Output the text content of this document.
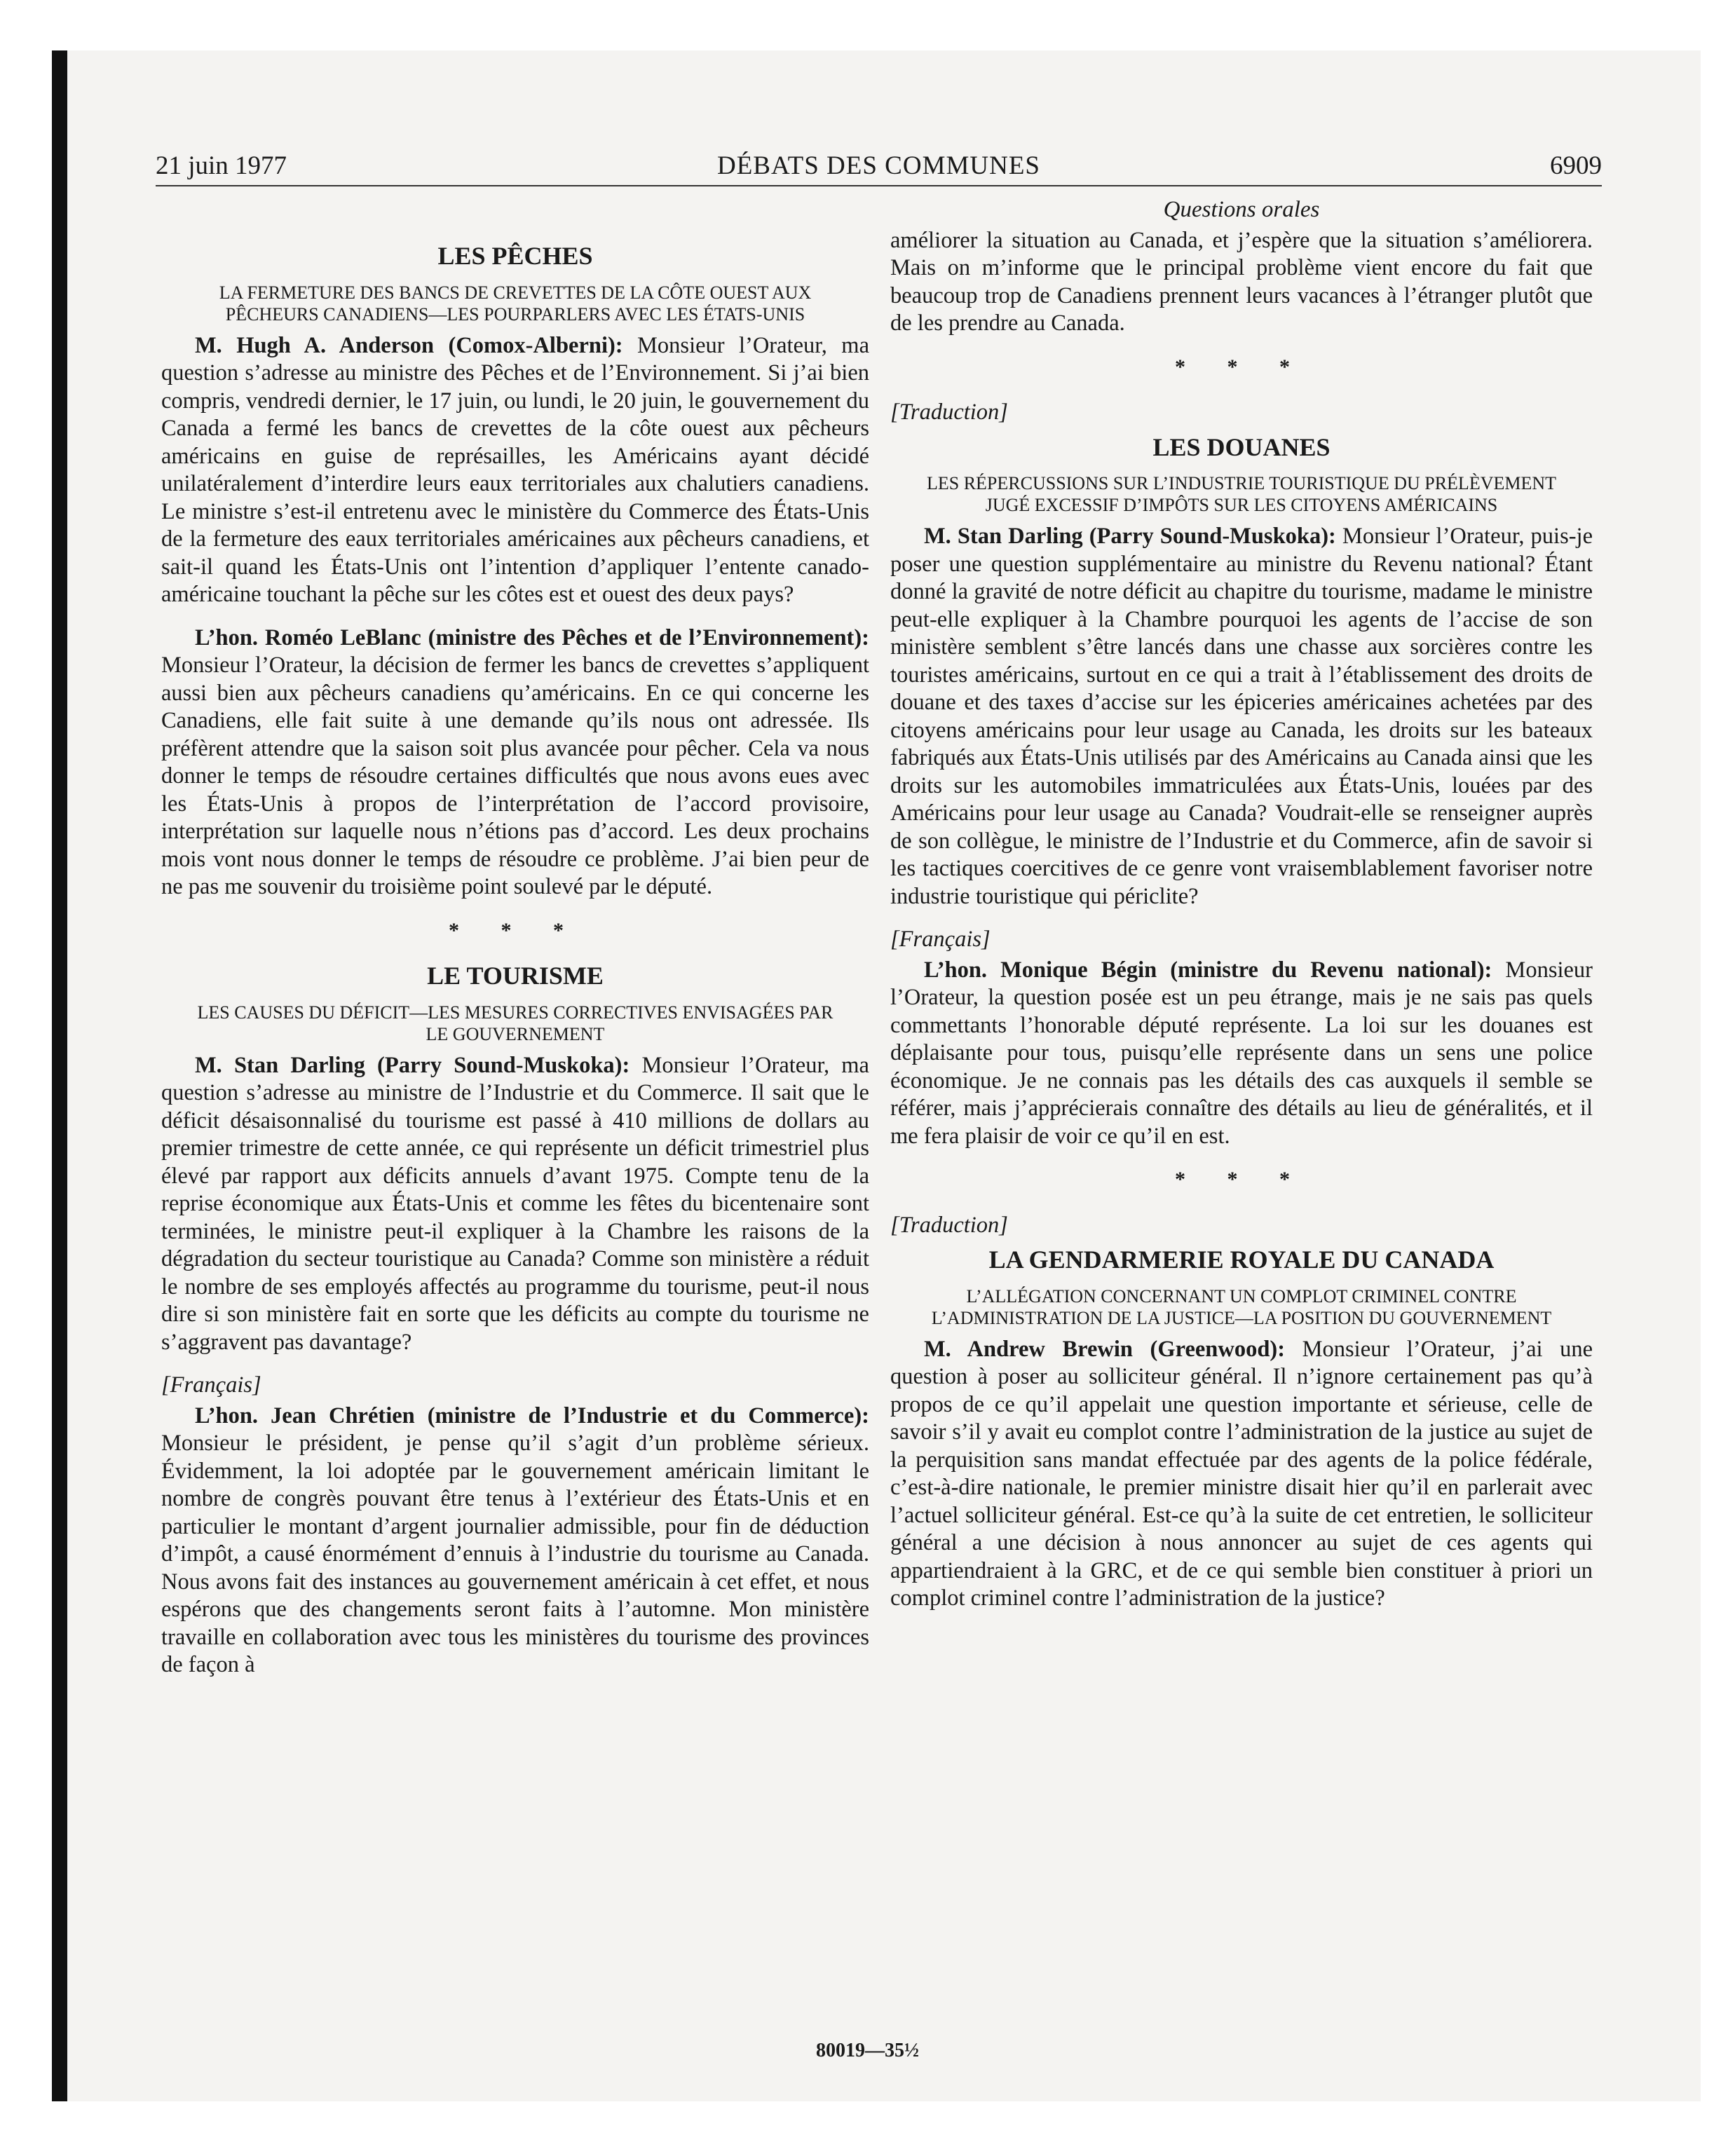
21 juin 1977	DÉBATS DES COMMUNES	6909
LES PÊCHES
LA FERMETURE DES BANCS DE CREVETTES DE LA CÔTE OUEST AUX PÊCHEURS CANADIENS—LES POURPARLERS AVEC LES ÉTATS-UNIS

M. Hugh A. Anderson (Comox-Alberni): Monsieur l’Orateur, ma question s’adresse au ministre des Pêches et de l’Environnement. Si j’ai bien compris, vendredi dernier, le 17 juin, ou lundi, le 20 juin, le gouvernement du Canada a fermé les bancs de crevettes de la côte ouest aux pêcheurs américains en guise de représailles, les Américains ayant décidé unilatéralement d’interdire leurs eaux territoriales aux chalutiers canadiens. Le ministre s’est-il entretenu avec le ministère du Commerce des États-Unis de la fermeture des eaux territoriales américaines aux pêcheurs canadiens, et sait-il quand les États-Unis ont l’intention d’appliquer l’entente canado-américaine touchant la pêche sur les côtes est et ouest des deux pays?

L’hon. Roméo LeBlanc (ministre des Pêches et de l’Environnement): Monsieur l’Orateur, la décision de fermer les bancs de crevettes s’appliquent aussi bien aux pêcheurs canadiens qu’américains. En ce qui concerne les Canadiens, elle fait suite à une demande qu’ils nous ont adressée. Ils préfèrent attendre que la saison soit plus avancée pour pêcher. Cela va nous donner le temps de résoudre certaines difficultés que nous avons eues avec les États-Unis à propos de l’interprétation de l’accord provisoire, interprétation sur laquelle nous n’étions pas d’accord. Les deux prochains mois vont nous donner le temps de résoudre ce problème. J’ai bien peur de ne pas me souvenir du troisième point soulevé par le député.

* * *
LE TOURISME
LES CAUSES DU DÉFICIT—LES MESURES CORRECTIVES ENVISAGÉES PAR LE GOUVERNEMENT

M. Stan Darling (Parry Sound-Muskoka): Monsieur l’Orateur, ma question s’adresse au ministre de l’Industrie et du Commerce. Il sait que le déficit désaisonnalisé du tourisme est passé à 410 millions de dollars au premier trimestre de cette année, ce qui représente un déficit trimestriel plus élevé par rapport aux déficits annuels d’avant 1975. Compte tenu de la reprise économique aux États-Unis et comme les fêtes du bicentenaire sont terminées, le ministre peut-il expliquer à la Chambre les raisons de la dégradation du secteur touristique au Canada? Comme son ministère a réduit le nombre de ses employés affectés au programme du tourisme, peut-il nous dire si son ministère fait en sorte que les déficits au compte du tourisme ne s’aggravent pas davantage?

[Français]

L’hon. Jean Chrétien (ministre de l’Industrie et du Commerce): Monsieur le président, je pense qu’il s’agit d’un problème sérieux. Évidemment, la loi adoptée par le gouvernement américain limitant le nombre de congrès pouvant être tenus à l’extérieur des États-Unis et en particulier le montant d’argent journalier admissible, pour fin de déduction d’impôt, a causé énormément d’ennuis à l’industrie du tourisme au Canada. Nous avons fait des instances au gouvernement américain à cet effet, et nous espérons que des changements seront faits à l’automne. Mon ministère travaille en collaboration avec tous les ministères du tourisme des provinces de façon à

Questions orales

améliorer la situation au Canada, et j’espère que la situation s’améliorera. Mais on m’informe que le principal problème vient encore du fait que beaucoup trop de Canadiens prennent leurs vacances à l’étranger plutôt que de les prendre au Canada.

* * *
[Traduction]
LES DOUANES
LES RÉPERCUSSIONS SUR L’INDUSTRIE TOURISTIQUE DU PRÉLÈVEMENT JUGÉ EXCESSIF D’IMPÔTS SUR LES CITOYENS AMÉRICAINS

M. Stan Darling (Parry Sound-Muskoka): Monsieur l’Orateur, puis-je poser une question supplémentaire au ministre du Revenu national? Étant donné la gravité de notre déficit au chapitre du tourisme, madame le ministre peut-elle expliquer à la Chambre pourquoi les agents de l’accise de son ministère semblent s’être lancés dans une chasse aux sorcières contre les touristes américains, surtout en ce qui a trait à l’établissement des droits de douane et des taxes d’accise sur les épiceries américaines achetées par des citoyens américains pour leur usage au Canada, les droits sur les bateaux fabriqués aux États-Unis utilisés par des Américains au Canada ainsi que les droits sur les automobiles immatriculées aux États-Unis, louées par des Américains pour leur usage au Canada? Voudrait-elle se renseigner auprès de son collègue, le ministre de l’Industrie et du Commerce, afin de savoir si les tactiques coercitives de ce genre vont vraisemblablement favoriser notre industrie touristique qui périclite?

[Français]

L’hon. Monique Bégin (ministre du Revenu national): Monsieur l’Orateur, la question posée est un peu étrange, mais je ne sais pas quels commettants l’honorable député représente. La loi sur les douanes est déplaisante pour tous, puisqu’elle représente dans un sens une police économique. Je ne connais pas les détails des cas auxquels il semble se référer, mais j’apprécierais connaître des détails au lieu de généralités, et il me fera plaisir de voir ce qu’il en est.

* * *
[Traduction]
LA GENDARMERIE ROYALE DU CANADA
L’ALLÉGATION CONCERNANT UN COMPLOT CRIMINEL CONTRE L’ADMINISTRATION DE LA JUSTICE—LA POSITION DU GOUVERNEMENT

M. Andrew Brewin (Greenwood): Monsieur l’Orateur, j’ai une question à poser au solliciteur général. Il n’ignore certainement pas qu’à propos de ce qu’il appelait une question importante et sérieuse, celle de savoir s’il y avait eu complot contre l’administration de la justice au sujet de la perquisition sans mandat effectuée par des agents de la police fédérale, c’est-à-dire nationale, le premier ministre disait hier qu’il en parlerait avec l’actuel solliciteur général. Est-ce qu’à la suite de cet entretien, le solliciteur général a une décision à nous annoncer au sujet de ces agents qui appartiendraient à la GRC, et de ce qui semble bien constituer à priori un complot criminel contre l’administration de la justice?

80019—35½
